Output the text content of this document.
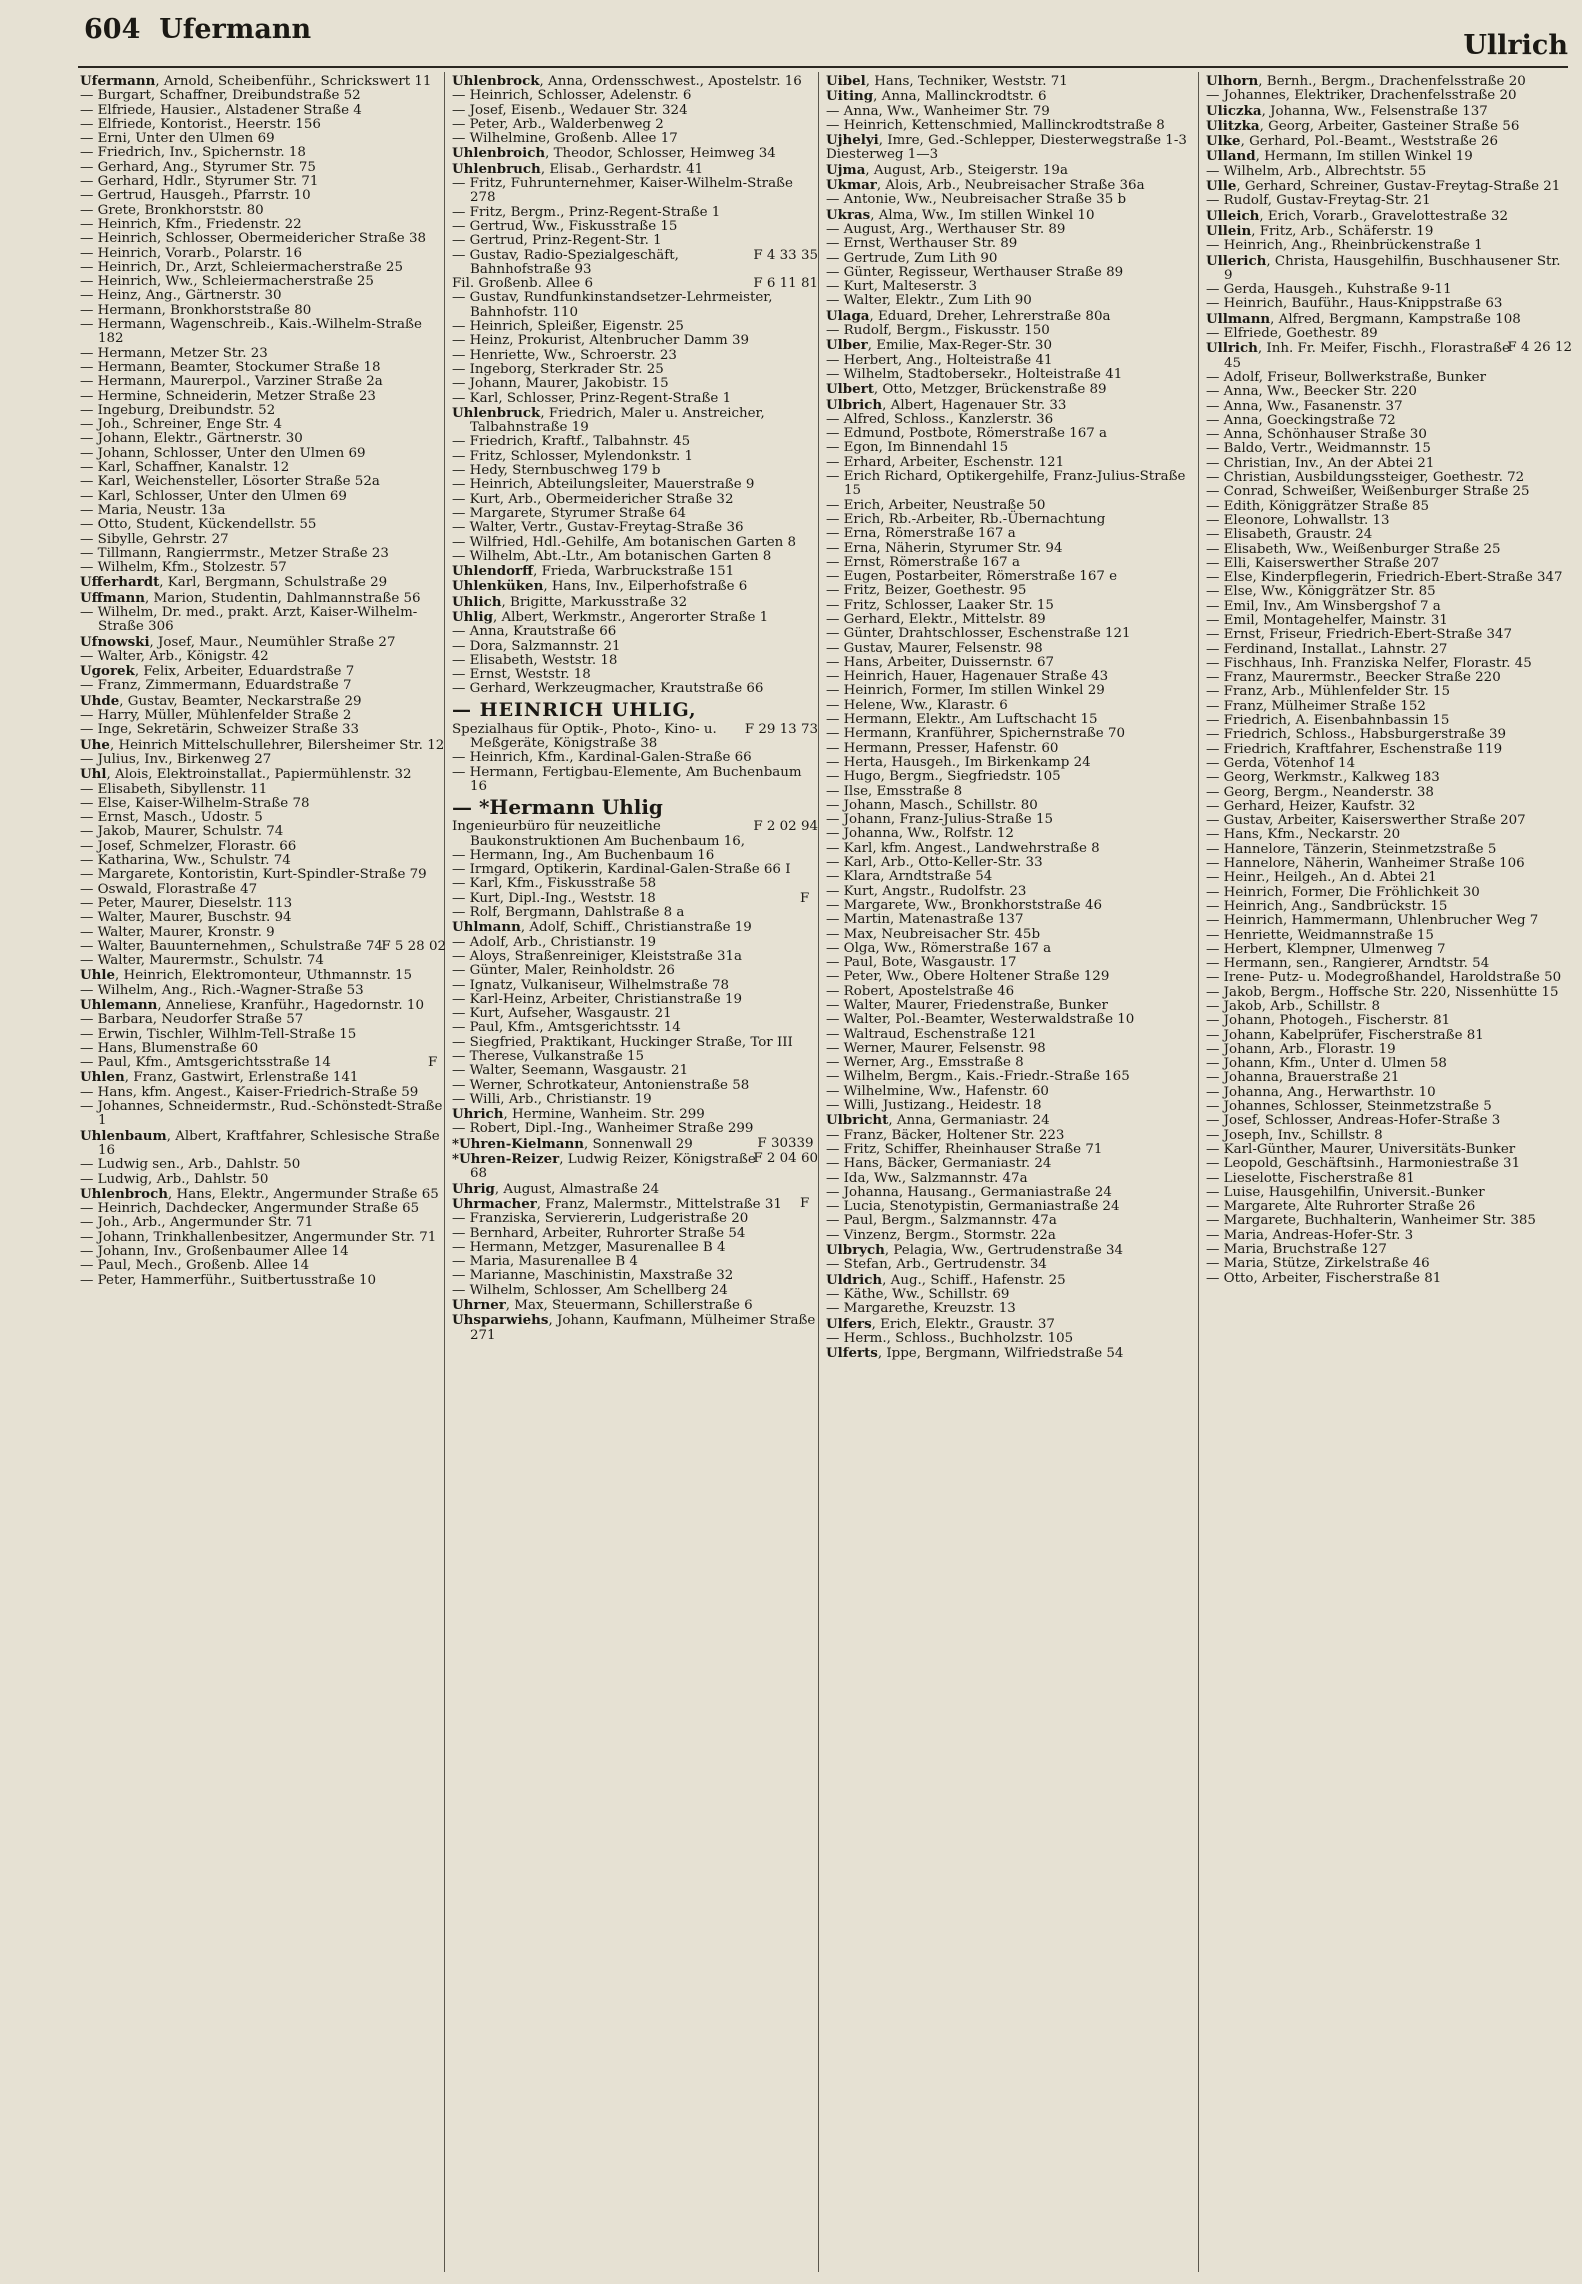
604 Ufermann
Ullrich
Ufermann, Arnold, Scheibenführ., Schrickswert 11
— Burgart, Schaffner, Dreibundstraße 52
— Elfriede, Hausier., Alstadener Straße 4
— Elfriede, Kontorist., Heerstr. 156
— Erni, Unter den Ulmen 69
— Friedrich, Inv., Spichernstr. 18
— Gerhard, Ang., Styrumer Str. 75
— Gerhard, Hdlr., Styrumer Str. 71
— Gertrud, Hausgeh., Pfarrstr. 10
— Grete, Bronkhorststr. 80
— Heinrich, Kfm., Friedenstr. 22
— Heinrich, Schlosser, Obermeidericher Straße 38
— Heinrich, Vorarb., Polarstr. 16
— Heinrich, Dr., Arzt, Schleiermacherstraße 25
— Heinrich, Ww., Schleiermacherstraße 25
— Heinz, Ang., Gärtnerstr. 30
— Hermann, Bronkhorststraße 80
— Hermann, Wagenschreib., Kais.-Wilhelm-Straße 182
— Hermann, Metzer Str. 23
— Hermann, Beamter, Stockumer Straße 18
— Hermann, Maurerpol., Varziner Straße 2a
— Hermine, Schneiderin, Metzer Straße 23
— Ingeburg, Dreibundstr. 52
— Joh., Schreiner, Enge Str. 4
— Johann, Elektr., Gärtnerstr. 30
— Johann, Schlosser, Unter den Ulmen 69
— Karl, Schaffner, Kanalstr. 12
— Karl, Weichensteller, Lösorter Straße 52a
— Karl, Schlosser, Unter den Ulmen 69
— Maria, Neustr. 13a
— Otto, Student, Kückendellstr. 55
— Sibylle, Gehrstr. 27
— Tillmann, Rangierrmstr., Metzer Straße 23
— Wilhelm, Kfm., Stolzestr. 57
Ufferhardt, Karl, Bergmann, Schulstraße 29
Uffmann, Marion, Studentin, Dahlmannstraße 56
— Wilhelm, Dr. med., prakt. Arzt, Kaiser-Wilhelm-Straße 306
Ufnowski, Josef, Maur., Neumühler Straße 27
— Walter, Arb., Königstr. 42
Ugorek, Felix, Arbeiter, Eduardstraße 7
— Franz, Zimmermann, Eduardstraße 7
Uhde, Gustav, Beamter, Neckarstraße 29
— Harry, Müller, Mühlenfelder Straße 2
— Inge, Sekretärin, Schweizer Straße 33
Uhe, Heinrich Mittelschullehrer, Bilersheimer Str. 12
— Julius, Inv., Birkenweg 27
Uhl, Alois, Elektroinstallat., Papiermühlenstr. 32
— Elisabeth, Sibyllenstr. 11
— Else, Kaiser-Wilhelm-Straße 78
— Ernst, Masch., Udostr. 5
— Jakob, Maurer, Schulstr. 74
— Josef, Schmelzer, Florastr. 66
— Katharina, Ww., Schulstr. 74
— Margarete, Kontoristin, Kurt-Spindler-Straße 79
— Oswald, Florastraße 47
— Peter, Maurer, Dieselstr. 113
— Walter, Maurer, Buschstr. 94
— Walter, Maurer, Kronstr. 9
F 5 28 02
— Walter, Bauunternehmen,, Schulstraße 74
— Walter, Maurermstr., Schulstr. 74
Uhle, Heinrich, Elektromonteur, Uthmannstr. 15
— Wilhelm, Ang., Rich.-Wagner-Straße 53
Uhlemann, Anneliese, Kranführ., Hagedornstr. 10
— Barbara, Neudorfer Straße 57
— Erwin, Tischler, Wilhlm-Tell-Straße 15
— Hans, Blumenstraße 60
F
— Paul, Kfm., Amtsgerichtsstraße 14
Uhlen, Franz, Gastwirt, Erlenstraße 141
— Hans, kfm. Angest., Kaiser-Friedrich-Straße 59
— Johannes, Schneidermstr., Rud.-Schönstedt-Straße 1
Uhlenbaum, Albert, Kraftfahrer, Schlesische Straße 16
— Ludwig sen., Arb., Dahlstr. 50
— Ludwig, Arb., Dahlstr. 50
Uhlenbroch, Hans, Elektr., Angermunder Straße 65
— Heinrich, Dachdecker, Angermunder Straße 65
— Joh., Arb., Angermunder Str. 71
— Johann, Trinkhallenbesitzer, Angermunder Str. 71
— Johann, Inv., Großenbaumer Allee 14
— Paul, Mech., Großenb. Allee 14
— Peter, Hammerführ., Suitbertusstraße 10
Uhlenbrock, Anna, Ordensschwest., Apostelstr. 16
— Heinrich, Schlosser, Adelenstr. 6
— Josef, Eisenb., Wedauer Str. 324
— Peter, Arb., Walderbenweg 2
— Wilhelmine, Großenb. Allee 17
Uhlenbroich, Theodor, Schlosser, Heimweg 34
Uhlenbruch, Elisab., Gerhardstr. 41
— Fritz, Fuhrunternehmer, Kaiser-Wilhelm-Straße 278
— Fritz, Bergm., Prinz-Regent-Straße 1
— Gertrud, Ww., Fiskusstraße 15
— Gertrud, Prinz-Regent-Str. 1
F 4 33 35
— Gustav, Radio-Spezialgeschäft, Bahnhofstraße 93
F 6 11 81
Fil. Großenb. Allee 6
— Gustav, Rundfunkinstandsetzer-Lehrmeister, Bahnhofstr. 110
— Heinrich, Spleißer, Eigenstr. 25
— Heinz, Prokurist, Altenbrucher Damm 39
— Henriette, Ww., Schroerstr. 23
— Ingeborg, Sterkrader Str. 25
— Johann, Maurer, Jakobistr. 15
— Karl, Schlosser, Prinz-Regent-Straße 1
Uhlenbruck, Friedrich, Maler u. Anstreicher, Talbahnstraße 19
— Friedrich, Kraftf., Talbahnstr. 45
— Fritz, Schlosser, Mylendonkstr. 1
— Hedy, Sternbuschweg 179 b
— Heinrich, Abteilungsleiter, Mauerstraße 9
— Kurt, Arb., Obermeidericher Straße 32
— Margarete, Styrumer Straße 64
— Walter, Vertr., Gustav-Freytag-Straße 36
— Wilfried, Hdl.-Gehilfe, Am botanischen Garten 8
— Wilhelm, Abt.-Ltr., Am botanischen Garten 8
Uhlendorff, Frieda, Warbruckstraße 151
Uhlenküken, Hans, Inv., Eilperhofstraße 6
Uhlich, Brigitte, Markusstraße 32
Uhlig, Albert, Werkmstr., Angerorter Straße 1
— Anna, Krautstraße 66
— Dora, Salzmannstr. 21
— Elisabeth, Weststr. 18
— Ernst, Weststr. 18
— Gerhard, Werkzeugmacher, Krautstraße 66
— HEINRICH UHLIG,
F 29 13 73
Spezialhaus für Optik-, Photo-, Kino- u. Meßgeräte, Königstraße 38
— Heinrich, Kfm., Kardinal-Galen-Straße 66
— Hermann, Fertigbau-Elemente, Am Buchenbaum 16
— *Hermann Uhlig
F 2 02 94
Ingenieurbüro für neuzeitliche Baukonstruktionen Am Buchenbaum 16,
— Hermann, Ing., Am Buchenbaum 16
— Irmgard, Optikerin, Kardinal-Galen-Straße 66 I
— Karl, Kfm., Fiskusstraße 58
F
— Kurt, Dipl.-Ing., Weststr. 18
— Rolf, Bergmann, Dahlstraße 8 a
Uhlmann, Adolf, Schiff., Christianstraße 19
— Adolf, Arb., Christianstr. 19
— Aloys, Straßenreiniger, Kleiststraße 31a
— Günter, Maler, Reinholdstr. 26
— Ignatz, Vulkaniseur, Wilhelmstraße 78
— Karl-Heinz, Arbeiter, Christianstraße 19
— Kurt, Aufseher, Wasgaustr. 21
— Paul, Kfm., Amtsgerichtsstr. 14
— Siegfried, Praktikant, Huckinger Straße, Tor III
— Therese, Vulkanstraße 15
— Walter, Seemann, Wasgaustr. 21
— Werner, Schrotkateur, Antonienstraße 58
— Willi, Arb., Christianstr. 19
Uhrich, Hermine, Wanheim. Str. 299
— Robert, Dipl.-Ing., Wanheimer Straße 299
F 30339
*Uhren-Kielmann, Sonnenwall 29
F 2 04 60
*Uhren-Reizer, Ludwig Reizer, Königstraße 68
Uhrig, August, Almastraße 24
F
Uhrmacher, Franz, Malermstr., Mittelstraße 31
— Franziska, Serviererin, Ludgeristraße 20
— Bernhard, Arbeiter, Ruhrorter Straße 54
— Hermann, Metzger, Masurenallee B 4
— Maria, Masurenallee B 4
— Marianne, Maschinistin, Maxstraße 32
— Wilhelm, Schlosser, Am Schellberg 24
Uhrner, Max, Steuermann, Schillerstraße 6
Uhsparwiehs, Johann, Kaufmann, Mülheimer Straße 271
Uibel, Hans, Techniker, Weststr. 71
Uiting, Anna, Mallinckrodtstr. 6
— Anna, Ww., Wanheimer Str. 79
— Heinrich, Kettenschmied, Mallinckrodtstraße 8
Ujhelyi, Imre, Ged.-Schlepper, Diesterwegstraße 1-3
Diesterweg 1—3
Ujma, August, Arb., Steigerstr. 19a
Ukmar, Alois, Arb., Neubreisacher Straße 36a
— Antonie, Ww., Neubreisacher Straße 35 b
Ukras, Alma, Ww., Im stillen Winkel 10
— August, Arg., Werthauser Str. 89
— Ernst, Werthauser Str. 89
— Gertrude, Zum Lith 90
— Günter, Regisseur, Werthauser Straße 89
— Kurt, Malteserstr. 3
— Walter, Elektr., Zum Lith 90
Ulaga, Eduard, Dreher, Lehrerstraße 80a
— Rudolf, Bergm., Fiskusstr. 150
Ulber, Emilie, Max-Reger-Str. 30
— Herbert, Ang., Holteistraße 41
— Wilhelm, Stadtobersekr., Holteistraße 41
Ulbert, Otto, Metzger, Brückenstraße 89
Ulbrich, Albert, Hagenauer Str. 33
— Alfred, Schloss., Kanzlerstr. 36
— Edmund, Postbote, Römerstraße 167 a
— Egon, Im Binnendahl 15
— Erhard, Arbeiter, Eschenstr. 121
— Erich Richard, Optikergehilfe, Franz-Julius-Straße 15
— Erich, Arbeiter, Neustraße 50
— Erich, Rb.-Arbeiter, Rb.-Übernachtung
— Erna, Römerstraße 167 a
— Erna, Näherin, Styrumer Str. 94
— Ernst, Römerstraße 167 a
— Eugen, Postarbeiter, Römerstraße 167 e
— Fritz, Beizer, Goethestr. 95
— Fritz, Schlosser, Laaker Str. 15
— Gerhard, Elektr., Mittelstr. 89
— Günter, Drahtschlosser, Eschenstraße 121
— Gustav, Maurer, Felsenstr. 98
— Hans, Arbeiter, Duissernstr. 67
— Heinrich, Hauer, Hagenauer Straße 43
— Heinrich, Former, Im stillen Winkel 29
— Helene, Ww., Klarastr. 6
— Hermann, Elektr., Am Luftschacht 15
— Hermann, Kranführer, Spichernstraße 70
— Hermann, Presser, Hafenstr. 60
— Herta, Hausgeh., Im Birkenkamp 24
— Hugo, Bergm., Siegfriedstr. 105
— Ilse, Emsstraße 8
— Johann, Masch., Schillstr. 80
— Johann, Franz-Julius-Straße 15
— Johanna, Ww., Rolfstr. 12
— Karl, kfm. Angest., Landwehrstraße 8
— Karl, Arb., Otto-Keller-Str. 33
— Klara, Arndtstraße 54
— Kurt, Angstr., Rudolfstr. 23
— Margarete, Ww., Bronkhorststraße 46
— Martin, Matenastraße 137
— Max, Neubreisacher Str. 45b
— Olga, Ww., Römerstraße 167 a
— Paul, Bote, Wasgaustr. 17
— Peter, Ww., Obere Holtener Straße 129
— Robert, Apostelstraße 46
— Walter, Maurer, Friedenstraße, Bunker
— Walter, Pol.-Beamter, Westerwaldstraße 10
— Waltraud, Eschenstraße 121
— Werner, Maurer, Felsenstr. 98
— Werner, Arg., Emsstraße 8
— Wilhelm, Bergm., Kais.-Friedr.-Straße 165
— Wilhelmine, Ww., Hafenstr. 60
— Willi, Justizang., Heidestr. 18
Ulbricht, Anna, Germaniastr. 24
— Franz, Bäcker, Holtener Str. 223
— Fritz, Schiffer, Rheinhauser Straße 71
— Hans, Bäcker, Germaniastr. 24
— Ida, Ww., Salzmannstr. 47a
— Johanna, Hausang., Germaniastraße 24
— Lucia, Stenotypistin, Germaniastraße 24
— Paul, Bergm., Salzmannstr. 47a
— Vinzenz, Bergm., Stormstr. 22a
Ulbrych, Pelagia, Ww., Gertrudenstraße 34
— Stefan, Arb., Gertrudenstr. 34
Uldrich, Aug., Schiff., Hafenstr. 25
— Käthe, Ww., Schillstr. 69
— Margarethe, Kreuzstr. 13
Ulfers, Erich, Elektr., Graustr. 37
— Herm., Schloss., Buchholzstr. 105
Ulferts, Ippe, Bergmann, Wilfriedstraße 54
Ulhorn, Bernh., Bergm., Drachenfelsstraße 20
— Johannes, Elektriker, Drachenfelsstraße 20
Uliczka, Johanna, Ww., Felsenstraße 137
Ulitzka, Georg, Arbeiter, Gasteiner Straße 56
Ulke, Gerhard, Pol.-Beamt., Weststraße 26
Ulland, Hermann, Im stillen Winkel 19
— Wilhelm, Arb., Albrechtstr. 55
Ulle, Gerhard, Schreiner, Gustav-Freytag-Straße 21
— Rudolf, Gustav-Freytag-Str. 21
Ulleich, Erich, Vorarb., Gravelottestraße 32
Ullein, Fritz, Arb., Schäferstr. 19
— Heinrich, Ang., Rheinbrückenstraße 1
Ullerich, Christa, Hausgehilfin, Buschhausener Str. 9
— Gerda, Hausgeh., Kuhstraße 9-11
— Heinrich, Bauführ., Haus-Knippstraße 63
Ullmann, Alfred, Bergmann, Kampstraße 108
— Elfriede, Goethestr. 89
F 4 26 12
Ullrich, Inh. Fr. Meifer, Fischh., Florastraße 45
— Adolf, Friseur, Bollwerkstraße, Bunker
— Anna, Ww., Beecker Str. 220
— Anna, Ww., Fasanenstr. 37
— Anna, Goeckingstraße 72
— Anna, Schönhauser Straße 30
— Baldo, Vertr., Weidmannstr. 15
— Christian, Inv., An der Abtei 21
— Christian, Ausbildungssteiger, Goethestr. 72
— Conrad, Schweißer, Weißenburger Straße 25
— Edith, Königgrätzer Straße 85
— Eleonore, Lohwallstr. 13
— Elisabeth, Graustr. 24
— Elisabeth, Ww., Weißenburger Straße 25
— Elli, Kaiserswerther Straße 207
— Else, Kinderpflegerin, Friedrich-Ebert-Straße 347
— Else, Ww., Königgrätzer Str. 85
— Emil, Inv., Am Winsbergshof 7 a
— Emil, Montagehelfer, Mainstr. 31
— Ernst, Friseur, Friedrich-Ebert-Straße 347
— Ferdinand, Installat., Lahnstr. 27
— Fischhaus, Inh. Franziska Nelfer, Florastr. 45
— Franz, Maurermstr., Beecker Straße 220
— Franz, Arb., Mühlenfelder Str. 15
— Franz, Mülheimer Straße 152
— Friedrich, A. Eisenbahnbassin 15
— Friedrich, Schloss., Habsburgerstraße 39
— Friedrich, Kraftfahrer, Eschenstraße 119
— Gerda, Vötenhof 14
— Georg, Werkmstr., Kalkweg 183
— Georg, Bergm., Neanderstr. 38
— Gerhard, Heizer, Kaufstr. 32
— Gustav, Arbeiter, Kaiserswerther Straße 207
— Hans, Kfm., Neckarstr. 20
— Hannelore, Tänzerin, Steinmetzstraße 5
— Hannelore, Näherin, Wanheimer Straße 106
— Heinr., Heilgeh., An d. Abtei 21
— Heinrich, Former, Die Fröhlichkeit 30
— Heinrich, Ang., Sandbrückstr. 15
— Heinrich, Hammermann, Uhlenbrucher Weg 7
— Henriette, Weidmannstraße 15
— Herbert, Klempner, Ulmenweg 7
— Hermann, sen., Rangierer, Arndtstr. 54
— Irene- Putz- u. Modegroßhandel, Haroldstraße 50
— Jakob, Bergm., Hoffsche Str. 220, Nissenhütte 15
— Jakob, Arb., Schillstr. 8
— Johann, Photogeh., Fischerstr. 81
— Johann, Kabelprüfer, Fischerstraße 81
— Johann, Arb., Florastr. 19
— Johann, Kfm., Unter d. Ulmen 58
— Johanna, Brauerstraße 21
— Johanna, Ang., Herwarthstr. 10
— Johannes, Schlosser, Steinmetzstraße 5
— Josef, Schlosser, Andreas-Hofer-Straße 3
— Joseph, Inv., Schillstr. 8
— Karl-Günther, Maurer, Universitäts-Bunker
— Leopold, Geschäftsinh., Harmoniestraße 31
— Lieselotte, Fischerstraße 81
— Luise, Hausgehilfin, Universit.-Bunker
— Margarete, Alte Ruhrorter Straße 26
— Margarete, Buchhalterin, Wanheimer Str. 385
— Maria, Andreas-Hofer-Str. 3
— Maria, Bruchstraße 127
— Maria, Stütze, Zirkelstraße 46
— Otto, Arbeiter, Fischerstraße 81
